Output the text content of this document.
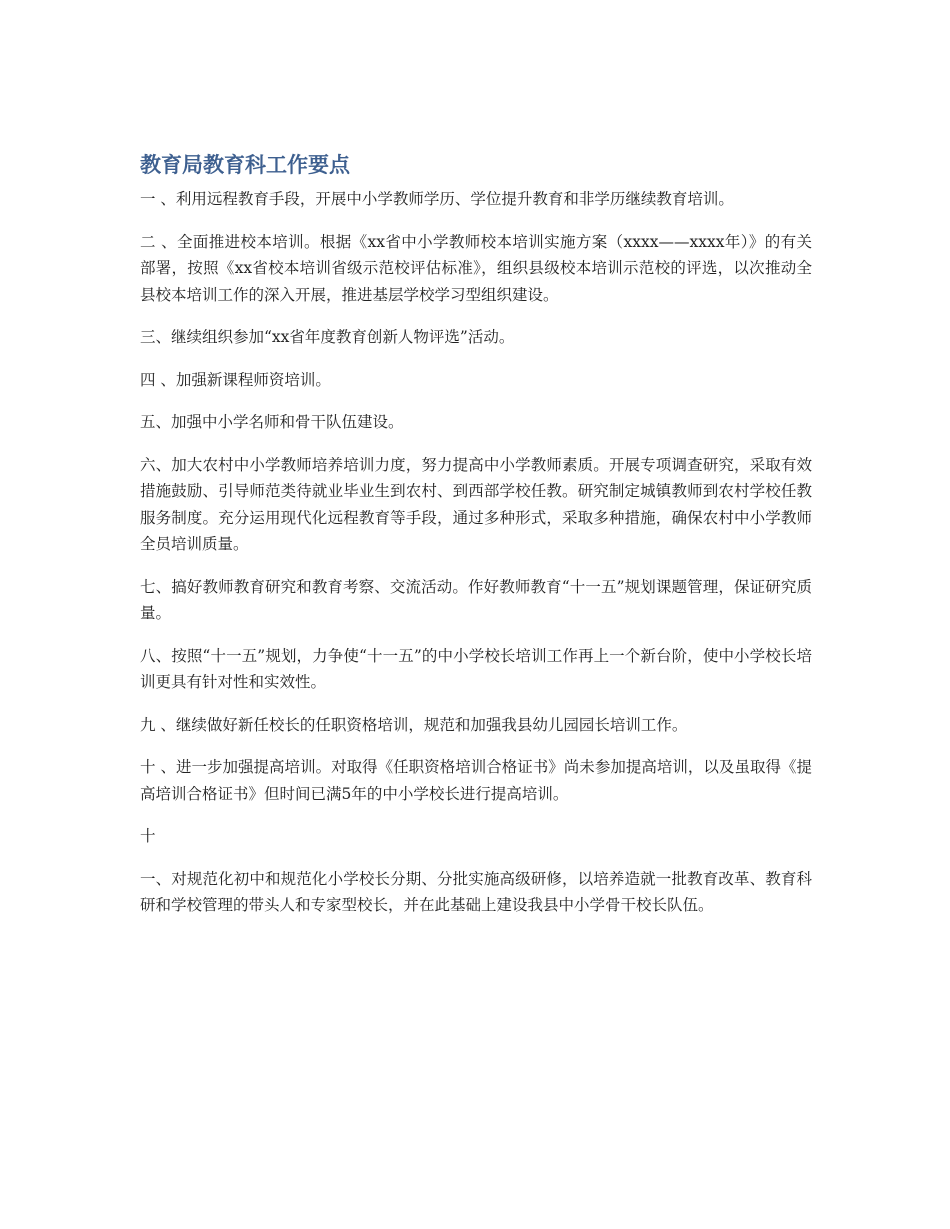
教育局教育科工作要点

一 、利用远程教育手段，开展中小学教师学历、学位提升教育和非学历继续教育培训。

二 、全面推进校本培训。根据《xx省中小学教师校本培训实施方案（xxxx——xxxx年）》的有关部署，按照《xx省校本培训省级示范校评估标准》，组织县级校本培训示范校的评选，以次推动全县校本培训工作的深入开展，推进基层学校学习型组织建设。

三、继续组织参加“xx省年度教育创新人物评选”活动。

四 、加强新课程师资培训。

五、加强中小学名师和骨干队伍建设。

六、加大农村中小学教师培养培训力度，努力提高中小学教师素质。开展专项调查研究，采取有效措施鼓励、引导师范类待就业毕业生到农村、到西部学校任教。研究制定城镇教师到农村学校任教服务制度。充分运用现代化远程教育等手段，通过多种形式，采取多种措施，确保农村中小学教师全员培训质量。

七、搞好教师教育研究和教育考察、交流活动。作好教师教育“十一五”规划课题管理，保证研究质量。

八、按照“十一五”规划，力争使“十一五”的中小学校长培训工作再上一个新台阶，使中小学校长培训更具有针对性和实效性。

九 、继续做好新任校长的任职资格培训，规范和加强我县幼儿园园长培训工作。

十 、进一步加强提高培训。对取得《任职资格培训合格证书》尚未参加提高培训，以及虽取得《提高培训合格证书》但时间已满5年的中小学校长进行提高培训。

十

一、对规范化初中和规范化小学校长分期、分批实施高级研修，以培养造就一批教育改革、教育科研和学校管理的带头人和专家型校长，并在此基础上建设我县中小学骨干校长队伍。
